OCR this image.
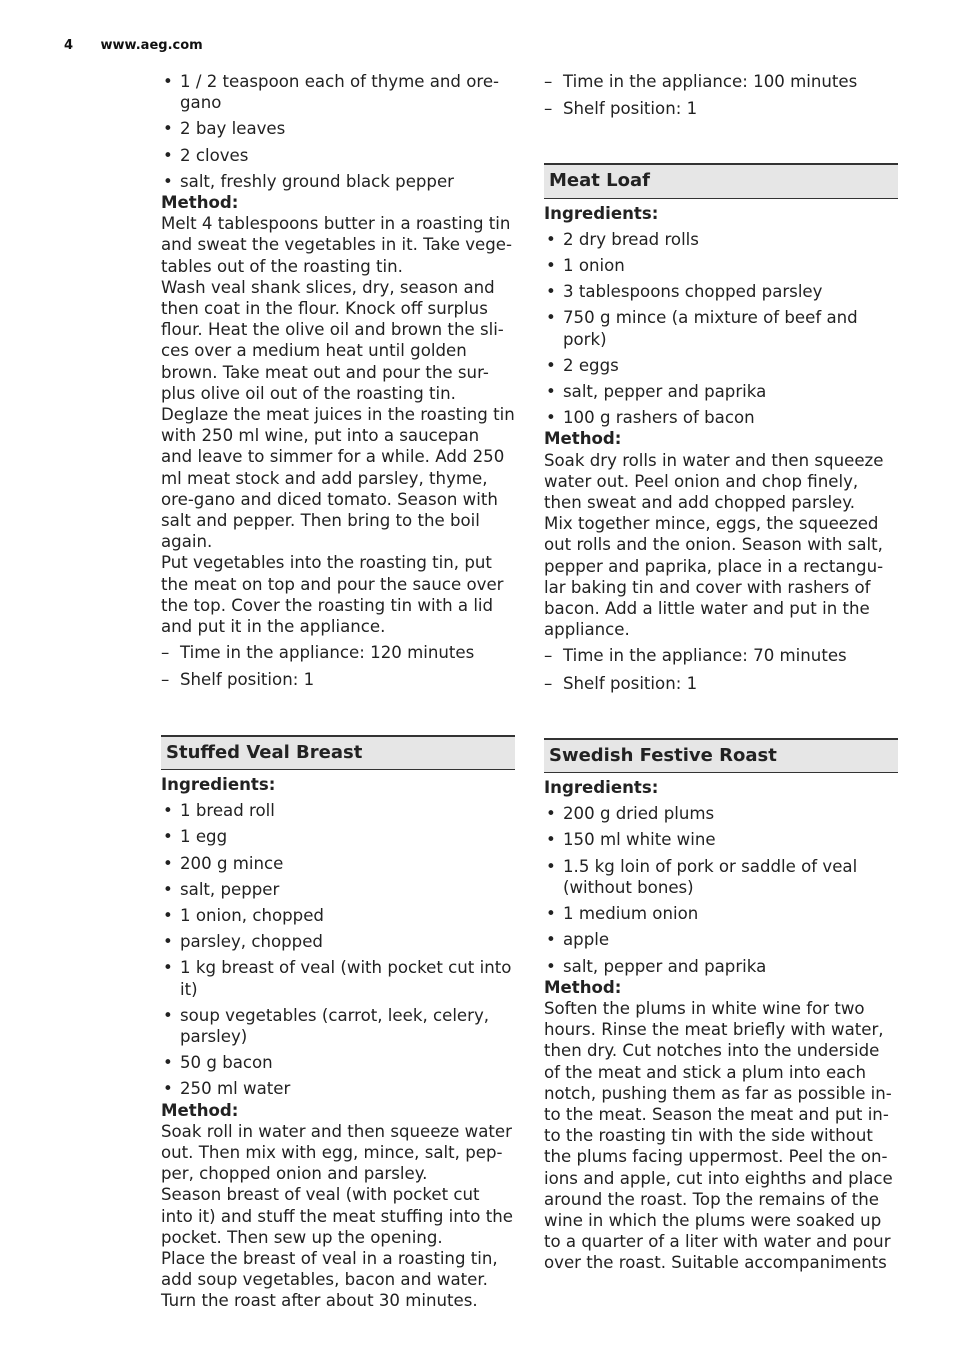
4 www.aeg.com
• 1 / 2 teaspoon each of thyme and ore-gano
• 2 bay leaves
• 2 cloves
• salt, freshly ground black pepper

Method:

Melt 4 tablespoons butter in a roasting tin and sweat the vegetables in it. Take vege-tables out of the roasting tin.

Wash veal shank slices, dry, season and then coat in the flour. Knock off surplus flour. Heat the olive oil and brown the sli-ces over a medium heat until golden brown. Take meat out and pour the sur-plus olive oil out of the roasting tin.

Deglaze the meat juices in the roasting tin with 250 ml wine, put into a saucepan and leave to simmer for a while. Add 250 ml meat stock and add parsley, thyme, ore-gano and diced tomato. Season with salt and pepper. Then bring to the boil again.

Put vegetables into the roasting tin, put the meat on top and pour the sauce over the top. Cover the roasting tin with a lid and put it in the appliance.

– Time in the appliance: 120 minutes
– Shelf position: 1
Stuffed Veal Breast

Ingredients:

• 1 bread roll
• 1 egg
• 200 g mince
• salt, pepper
• 1 onion, chopped
• parsley, chopped
• 1 kg breast of veal (with pocket cut into it)
• soup vegetables (carrot, leek, celery, parsley)
• 50 g bacon
• 250 ml water

Method:

Soak roll in water and then squeeze water out. Then mix with egg, mince, salt, pep-per, chopped onion and parsley.

Season breast of veal (with pocket cut into it) and stuff the meat stuffing into the pocket. Then sew up the opening.

Place the breast of veal in a roasting tin, add soup vegetables, bacon and water. Turn the roast after about 30 minutes.

– Time in the appliance: 100 minutes
– Shelf position: 1
Meat Loaf

Ingredients:

• 2 dry bread rolls
• 1 onion
• 3 tablespoons chopped parsley
• 750 g mince (a mixture of beef and pork)
• 2 eggs
• salt, pepper and paprika
• 100 g rashers of bacon

Method:

Soak dry rolls in water and then squeeze water out. Peel onion and chop finely, then sweat and add chopped parsley.

Mix together mince, eggs, the squeezed out rolls and the onion. Season with salt, pepper and paprika, place in a rectangu-lar baking tin and cover with rashers of bacon. Add a little water and put in the appliance.

– Time in the appliance: 70 minutes
– Shelf position: 1
Swedish Festive Roast

Ingredients:

• 200 g dried plums
• 150 ml white wine
• 1.5 kg loin of pork or saddle of veal (without bones)
• 1 medium onion
• apple
• salt, pepper and paprika

Method:

Soften the plums in white wine for two hours. Rinse the meat briefly with water, then dry. Cut notches into the underside of the meat and stick a plum into each notch, pushing them as far as possible in-to the meat. Season the meat and put in-to the roasting tin with the side without the plums facing uppermost. Peel the on-ions and apple, cut into eighths and place around the roast. Top the remains of the wine in which the plums were soaked up to a quarter of a liter with water and pour over the roast. Suitable accompaniments
